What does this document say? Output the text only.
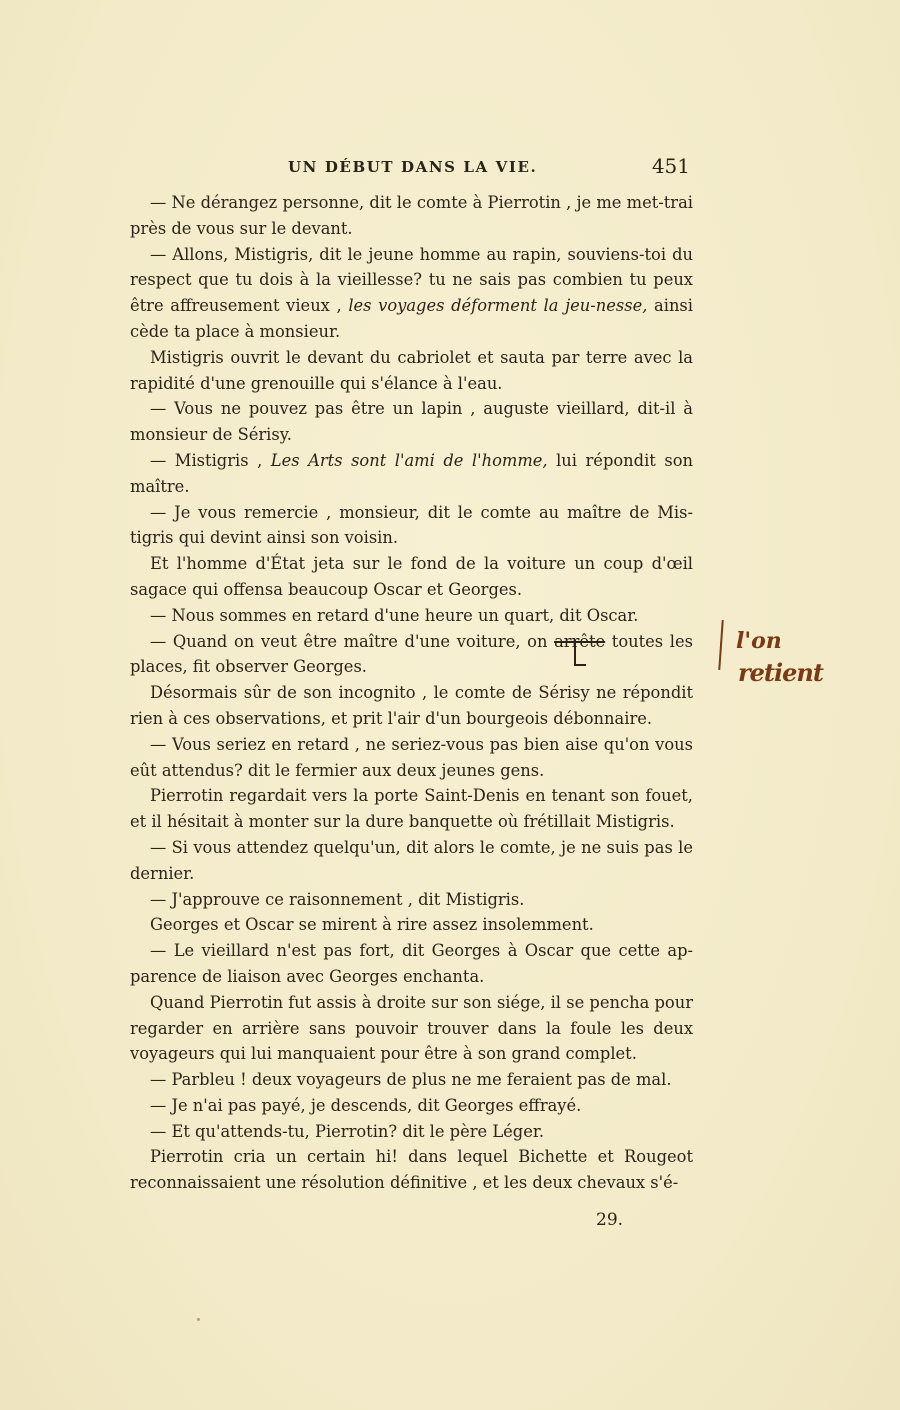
UN DÉBUT DANS LA VIE.	451

— Ne dérangez personne, dit le comte à Pierrotin , je me met-trai près de vous sur le devant.

— Allons, Mistigris, dit le jeune homme au rapin, souviens-toi du respect que tu dois à la vieillesse? tu ne sais pas combien tu peux être affreusement vieux , les voyages déforment la jeu-nesse, ainsi cède ta place à monsieur.

Mistigris ouvrit le devant du cabriolet et sauta par terre avec la rapidité d'une grenouille qui s'élance à l'eau.

— Vous ne pouvez pas être un lapin , auguste vieillard, dit-il à monsieur de Sérisy.

— Mistigris , Les Arts sont l'ami de l'homme, lui répondit son maître.

— Je vous remercie , monsieur, dit le comte au maître de Mis-tigris qui devint ainsi son voisin.

Et l'homme d'État jeta sur le fond de la voiture un coup d'œil sagace qui offensa beaucoup Oscar et Georges.

— Nous sommes en retard d'une heure un quart, dit Oscar.

— Quand on veut être maître d'une voiture, on arrête toutes les places, fit observer Georges.

Désormais sûr de son incognito , le comte de Sérisy ne répondit rien à ces observations, et prit l'air d'un bourgeois débonnaire.

— Vous seriez en retard , ne seriez-vous pas bien aise qu'on vous eût attendus? dit le fermier aux deux jeunes gens.

Pierrotin regardait vers la porte Saint-Denis en tenant son fouet, et il hésitait à monter sur la dure banquette où frétillait Mistigris.

— Si vous attendez quelqu'un, dit alors le comte, je ne suis pas le dernier.

— J'approuve ce raisonnement , dit Mistigris.

Georges et Oscar se mirent à rire assez insolemment.

— Le vieillard n'est pas fort, dit Georges à Oscar que cette ap-parence de liaison avec Georges enchanta.

Quand Pierrotin fut assis à droite sur son siége, il se pencha pour regarder en arrière sans pouvoir trouver dans la foule les deux voyageurs qui lui manquaient pour être à son grand complet.

— Parbleu ! deux voyageurs de plus ne me feraient pas de mal.

— Je n'ai pas payé, je descends, dit Georges effrayé.

— Et qu'attends-tu, Pierrotin? dit le père Léger.

Pierrotin cria un certain hi! dans lequel Bichette et Rougeot reconnaissaient une résolution définitive , et les deux chevaux s'é-

29.
l'on
retient
